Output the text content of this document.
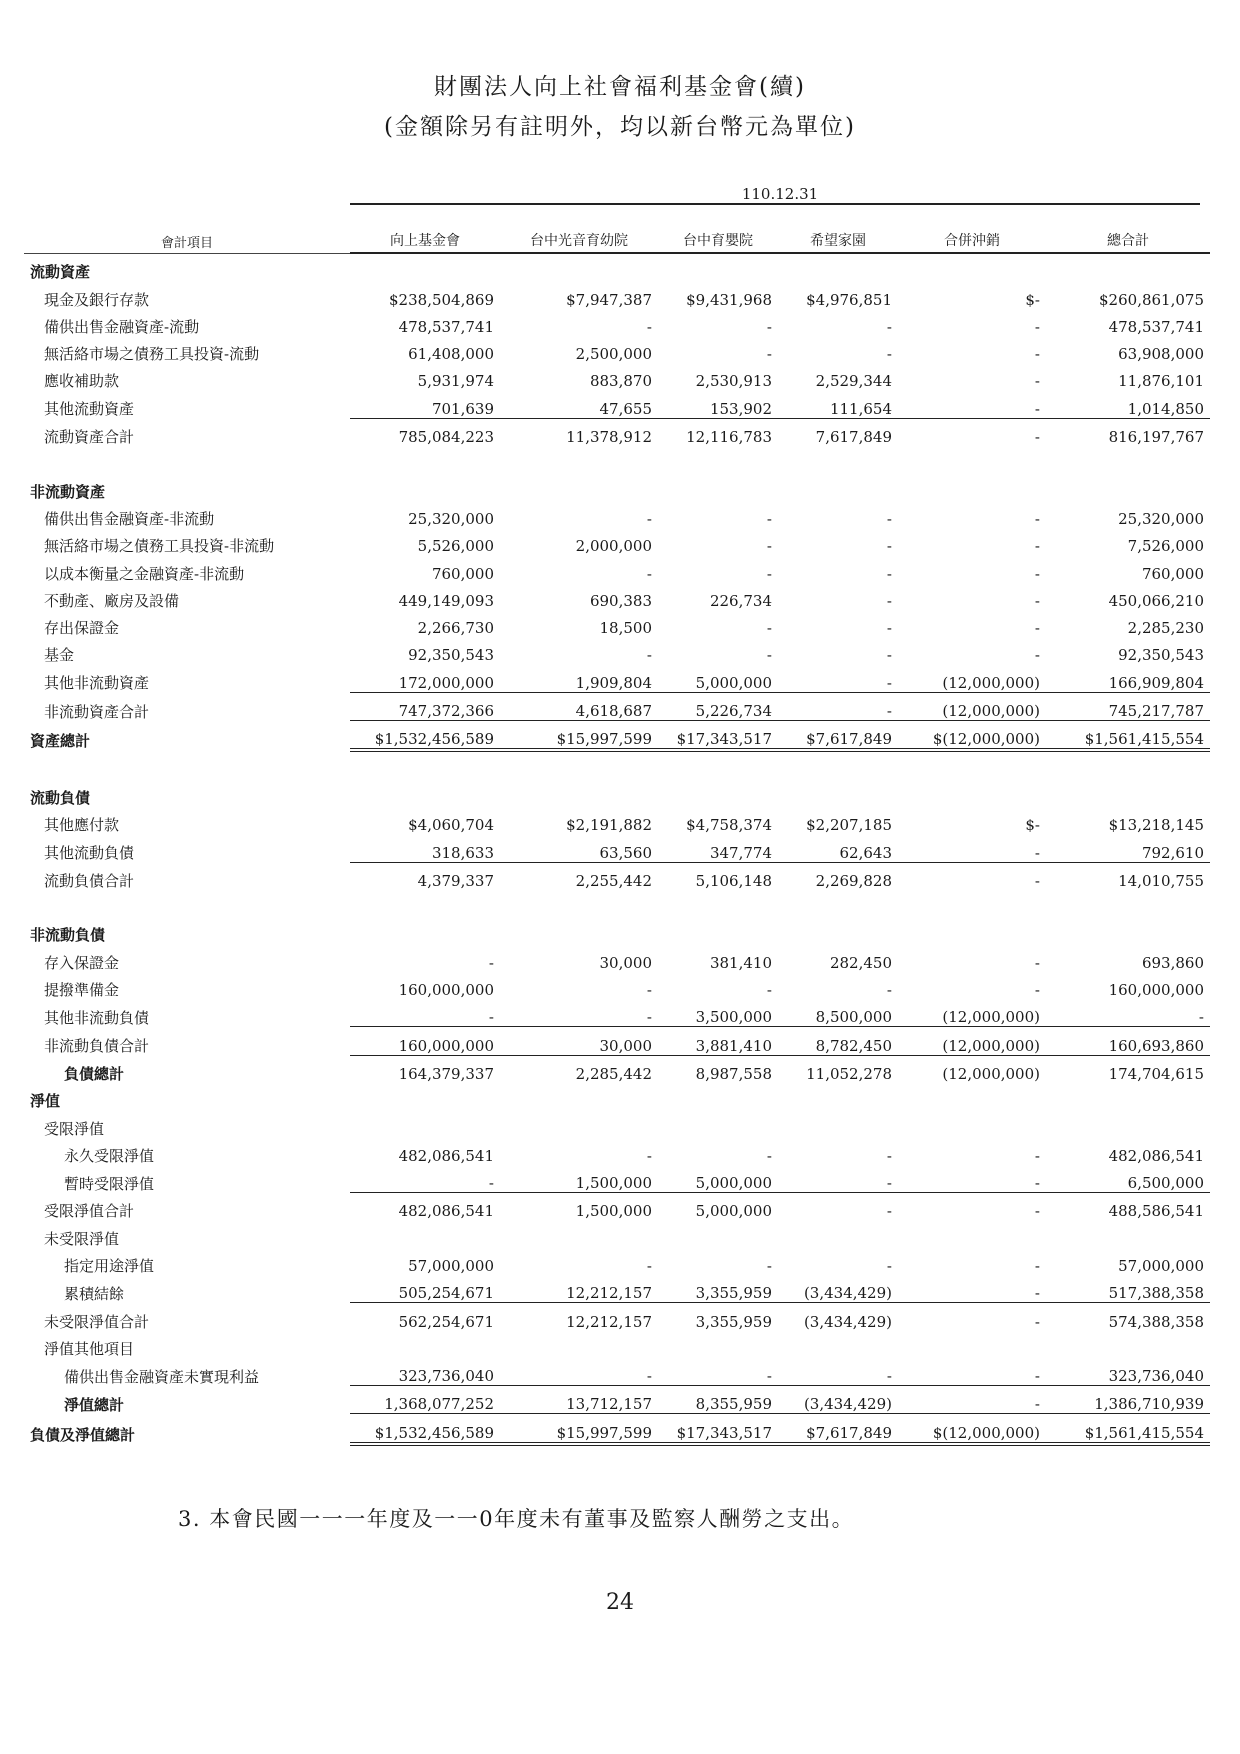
財團法人向上社會福利基金會(續)
(金額除另有註明外，均以新台幣元為單位)
110.12.31
會計項目	向上基金會	台中光音育幼院	台中育嬰院	希望家園	合併沖銷	總合計
流動資產						
現金及銀行存款	$238,504,869	$7,947,387	$9,431,968	$4,976,851	$-	$260,861,075
備供出售金融資產-流動	478,537,741	-	-	-	-	478,537,741
無活絡市場之債務工具投資-流動	61,408,000	2,500,000	-	-	-	63,908,000
應收補助款	5,931,974	883,870	2,530,913	2,529,344	-	11,876,101
其他流動資產	701,639	47,655	153,902	111,654	-	1,014,850
流動資產合計	785,084,223	11,378,912	12,116,783	7,617,849	-	816,197,767

非流動資產						
備供出售金融資產-非流動	25,320,000	-	-	-	-	25,320,000
無活絡市場之債務工具投資-非流動	5,526,000	2,000,000	-	-	-	7,526,000
以成本衡量之金融資產-非流動	760,000	-	-	-	-	760,000
不動產、廠房及設備	449,149,093	690,383	226,734	-	-	450,066,210
存出保證金	2,266,730	18,500	-	-	-	2,285,230
基金	92,350,543	-	-	-	-	92,350,543
其他非流動資產	172,000,000	1,909,804	5,000,000	-	(12,000,000)	166,909,804
非流動資產合計	747,372,366	4,618,687	5,226,734	-	(12,000,000)	745,217,787
資產總計	$1,532,456,589	$15,997,599	$17,343,517	$7,617,849	$(12,000,000)	$1,561,415,554

流動負債						
其他應付款	$4,060,704	$2,191,882	$4,758,374	$2,207,185	$-	$13,218,145
其他流動負債	318,633	63,560	347,774	62,643	-	792,610
流動負債合計	4,379,337	2,255,442	5,106,148	2,269,828	-	14,010,755

非流動負債						
存入保證金	-	30,000	381,410	282,450	-	693,860
提撥準備金	160,000,000	-	-	-	-	160,000,000
其他非流動負債	-	-	3,500,000	8,500,000	(12,000,000)	-
非流動負債合計	160,000,000	30,000	3,881,410	8,782,450	(12,000,000)	160,693,860
負債總計	164,379,337	2,285,442	8,987,558	11,052,278	(12,000,000)	174,704,615
淨值						
受限淨值						
永久受限淨值	482,086,541	-	-	-	-	482,086,541
暫時受限淨值	-	1,500,000	5,000,000	-	-	6,500,000
受限淨值合計	482,086,541	1,500,000	5,000,000	-	-	488,586,541
未受限淨值						
指定用途淨值	57,000,000	-	-	-	-	57,000,000
累積結餘	505,254,671	12,212,157	3,355,959	(3,434,429)	-	517,388,358
未受限淨值合計	562,254,671	12,212,157	3,355,959	(3,434,429)	-	574,388,358
淨值其他項目						
備供出售金融資產未實現利益	323,736,040	-	-	-	-	323,736,040
淨值總計	1,368,077,252	13,712,157	8,355,959	(3,434,429)	-	1,386,710,939
負債及淨值總計	$1,532,456,589	$15,997,599	$17,343,517	$7,617,849	$(12,000,000)	$1,561,415,554
3. 本會民國一一一年度及一一0年度未有董事及監察人酬勞之支出。
24
